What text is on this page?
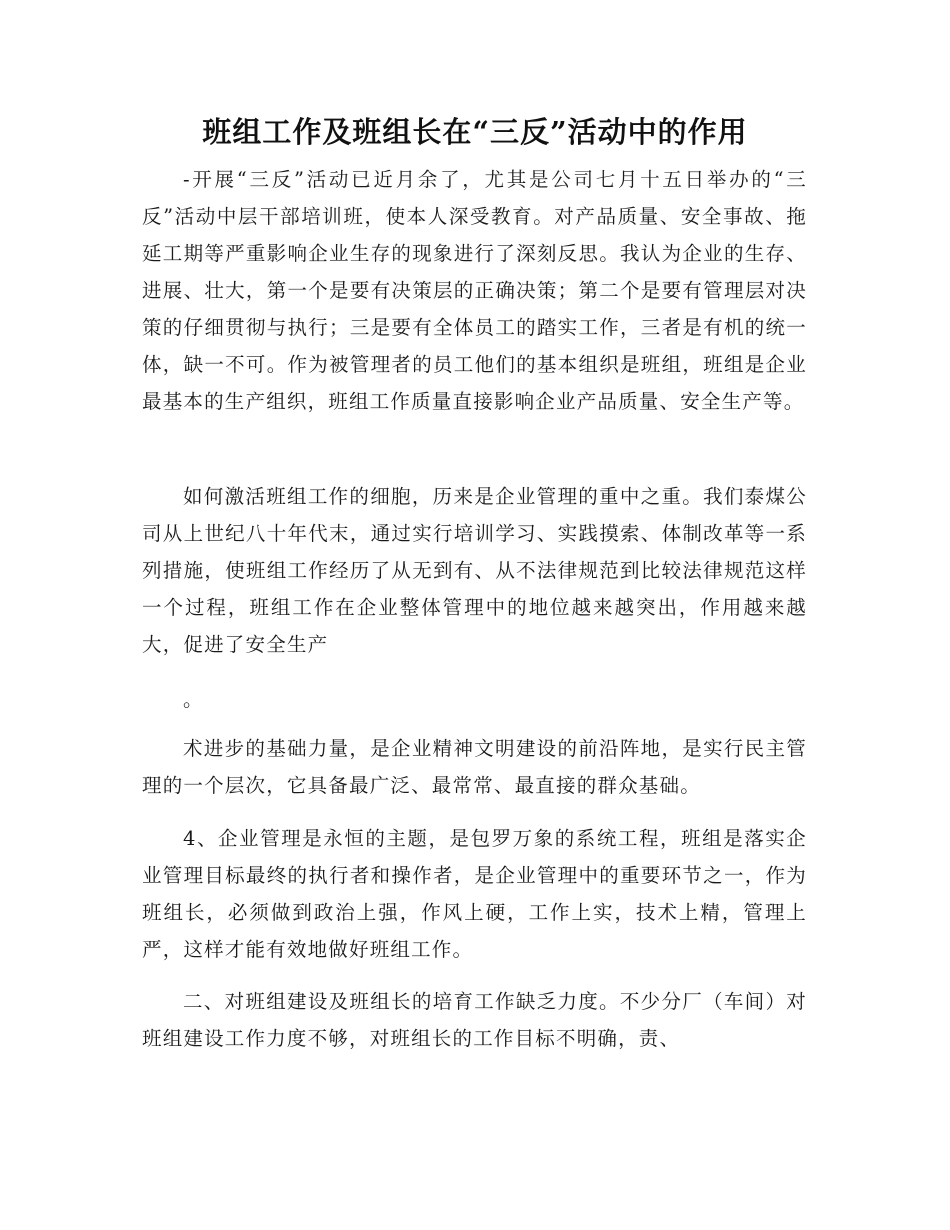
班组工作及班组长在“三反”活动中的作用

-开展“三反”活动已近月余了，尤其是公司七月十五日举办的“三反”活动中层干部培训班，使本人深受教育。对产品质量、安全事故、拖延工期等严重影响企业生存的现象进行了深刻反思。我认为企业的生存、进展、壮大，第一个是要有决策层的正确决策；第二个是要有管理层对决策的仔细贯彻与执行；三是要有全体员工的踏实工作，三者是有机的统一体，缺一不可。作为被管理者的员工他们的基本组织是班组，班组是企业最基本的生产组织，班组工作质量直接影响企业产品质量、安全生产等。

如何激活班组工作的细胞，历来是企业管理的重中之重。我们泰煤公司从上世纪八十年代末，通过实行培训学习、实践摸索、体制改革等一系列措施，使班组工作经历了从无到有、从不法律规范到比较法律规范这样一个过程，班组工作在企业整体管理中的地位越来越突出，作用越来越大，促进了安全生产

。

术进步的基础力量，是企业精神文明建设的前沿阵地，是实行民主管理的一个层次，它具备最广泛、最常常、最直接的群众基础。

4、企业管理是永恒的主题，是包罗万象的系统工程，班组是落实企业管理目标最终的执行者和操作者，是企业管理中的重要环节之一，作为班组长，必须做到政治上强，作风上硬，工作上实，技术上精，管理上严，这样才能有效地做好班组工作。

二、对班组建设及班组长的培育工作缺乏力度。不少分厂（车间）对班组建设工作力度不够，对班组长的工作目标不明确，责、
